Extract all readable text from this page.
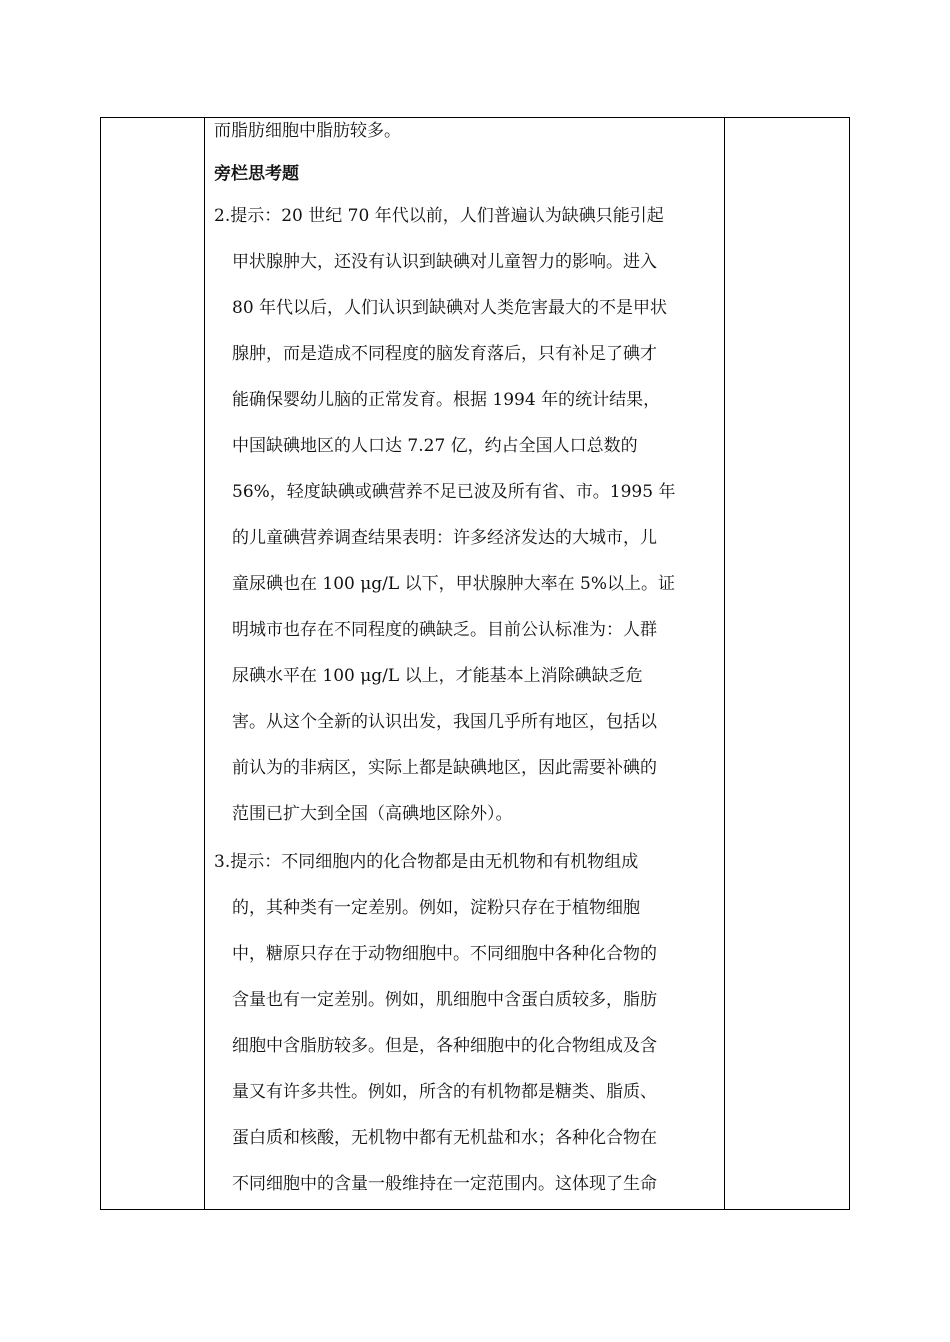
而脂肪细胞中脂肪较多。
旁栏思考题
2.提示：20 世纪 70 年代以前，人们普遍认为缺碘只能引起
甲状腺肿大，还没有认识到缺碘对儿童智力的影响。进入
80 年代以后，人们认识到缺碘对人类危害最大的不是甲状
腺肿，而是造成不同程度的脑发育落后，只有补足了碘才
能确保婴幼儿脑的正常发育。根据 1994 年的统计结果，
中国缺碘地区的人口达 7.27 亿，约占全国人口总数的
56%，轻度缺碘或碘营养不足已波及所有省、市。1995 年
的儿童碘营养调查结果表明：许多经济发达的大城市，儿
童尿碘也在 100 μg/L 以下，甲状腺肿大率在 5%以上。证
明城市也存在不同程度的碘缺乏。目前公认标准为：人群
尿碘水平在 100 μg/L 以上，才能基本上消除碘缺乏危
害。从这个全新的认识出发，我国几乎所有地区，包括以
前认为的非病区，实际上都是缺碘地区，因此需要补碘的
范围已扩大到全国（高碘地区除外）。
3.提示：不同细胞内的化合物都是由无机物和有机物组成
的，其种类有一定差别。例如，淀粉只存在于植物细胞
中，糖原只存在于动物细胞中。不同细胞中各种化合物的
含量也有一定差别。例如，肌细胞中含蛋白质较多，脂肪
细胞中含脂肪较多。但是，各种细胞中的化合物组成及含
量又有许多共性。例如，所含的有机物都是糖类、脂质、
蛋白质和核酸，无机物中都有无机盐和水；各种化合物在
不同细胞中的含量一般维持在一定范围内。这体现了生命
